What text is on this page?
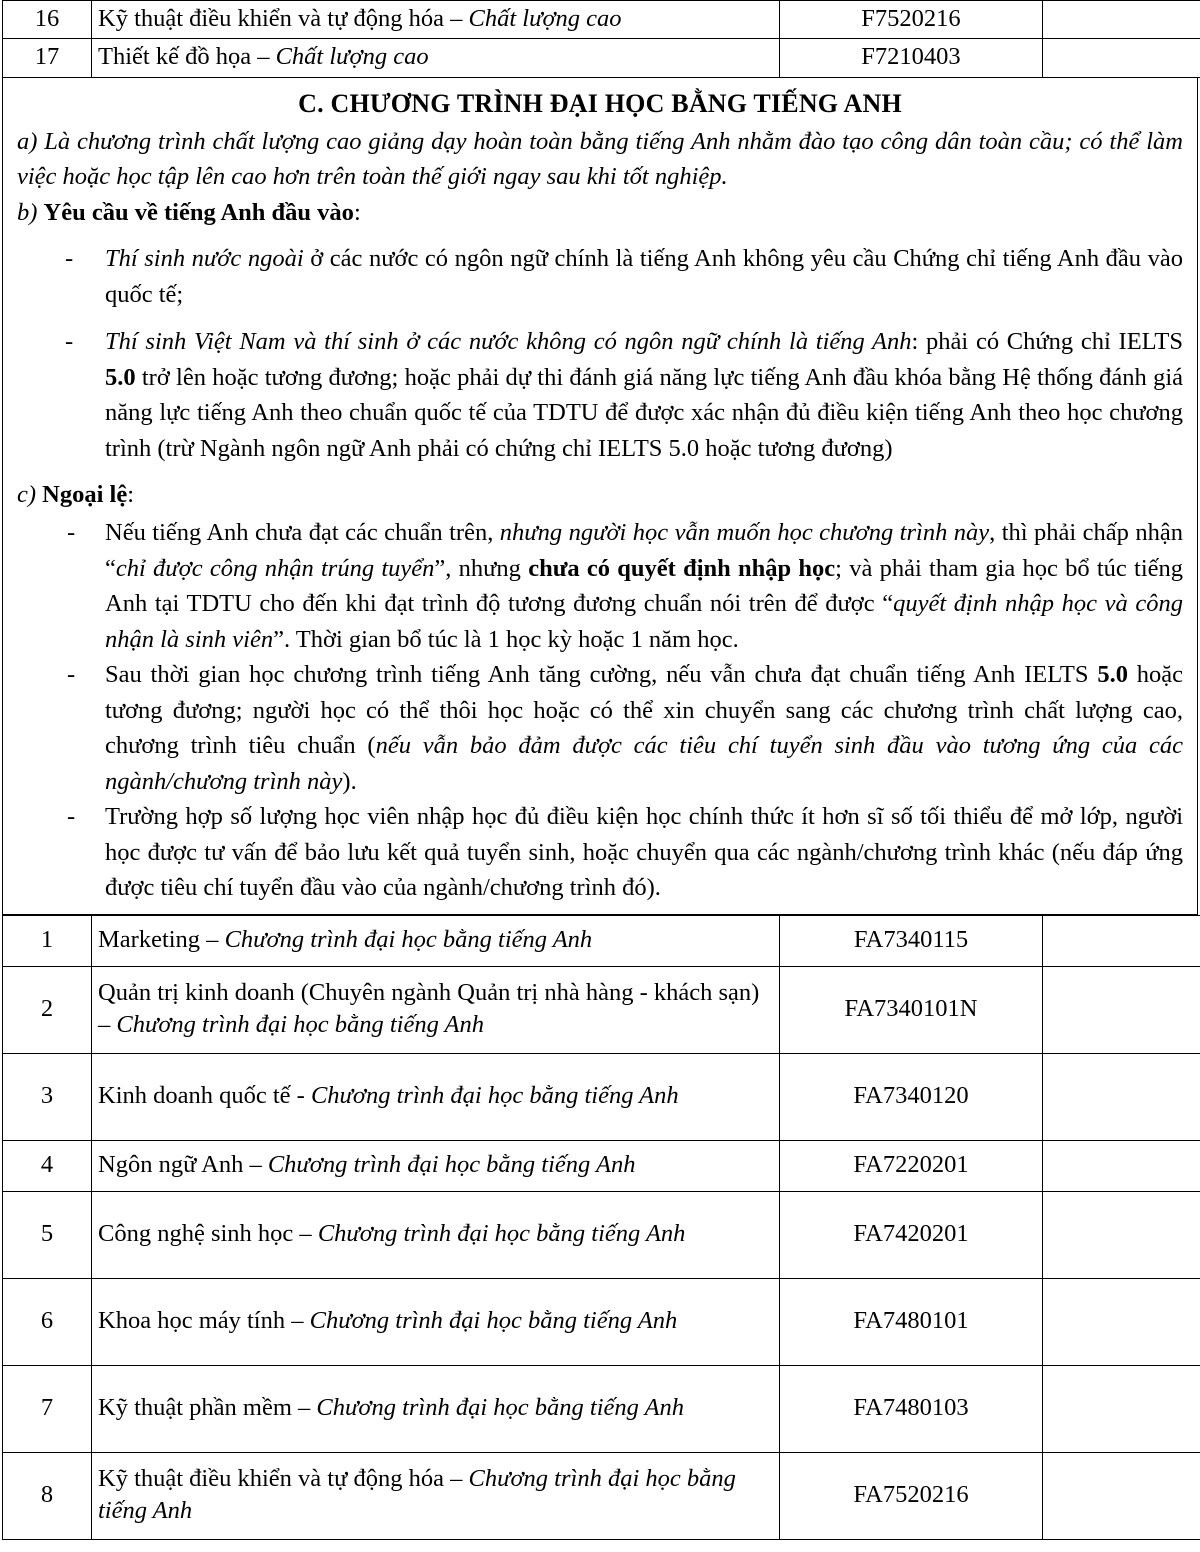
16	Kỹ thuật điều khiển và tự động hóa – Chất lượng cao	F7520216	
17	Thiết kế đồ họa – Chất lượng cao	F7210403	
C. CHƯƠNG TRÌNH ĐẠI HỌC BẰNG TIẾNG ANH

a) Là chương trình chất lượng cao giảng dạy hoàn toàn bằng tiếng Anh nhằm đào tạo công dân toàn cầu; có thể làm việc hoặc học tập lên cao hơn trên toàn thế giới ngay sau khi tốt nghiệp.

b) Yêu cầu về tiếng Anh đầu vào:

- Thí sinh nước ngoài ở các nước có ngôn ngữ chính là tiếng Anh không yêu cầu Chứng chỉ tiếng Anh đầu vào quốc tế;
- Thí sinh Việt Nam và thí sinh ở các nước không có ngôn ngữ chính là tiếng Anh: phải có Chứng chỉ IELTS 5.0 trở lên hoặc tương đương; hoặc phải dự thi đánh giá năng lực tiếng Anh đầu khóa bằng Hệ thống đánh giá năng lực tiếng Anh theo chuẩn quốc tế của TDTU để được xác nhận đủ điều kiện tiếng Anh theo học chương trình (trừ Ngành ngôn ngữ Anh phải có chứng chỉ IELTS 5.0 hoặc tương đương)

c) Ngoại lệ:

- Nếu tiếng Anh chưa đạt các chuẩn trên, nhưng người học vẫn muốn học chương trình này, thì phải chấp nhận “chỉ được công nhận trúng tuyển”, nhưng chưa có quyết định nhập học; và phải tham gia học bổ túc tiếng Anh tại TDTU cho đến khi đạt trình độ tương đương chuẩn nói trên để được “quyết định nhập học và công nhận là sinh viên”. Thời gian bổ túc là 1 học kỳ hoặc 1 năm học.
- Sau thời gian học chương trình tiếng Anh tăng cường, nếu vẫn chưa đạt chuẩn tiếng Anh IELTS 5.0 hoặc tương đương; người học có thể thôi học hoặc có thể xin chuyển sang các chương trình chất lượng cao, chương trình tiêu chuẩn (nếu vẫn bảo đảm được các tiêu chí tuyển sinh đầu vào tương ứng của các ngành/chương trình này).
- Trường hợp số lượng học viên nhập học đủ điều kiện học chính thức ít hơn sĩ số tối thiểu để mở lớp, người học được tư vấn để bảo lưu kết quả tuyển sinh, hoặc chuyển qua các ngành/chương trình khác (nếu đáp ứng được tiêu chí tuyển đầu vào của ngành/chương trình đó).
1	Marketing – Chương trình đại học bằng tiếng Anh	FA7340115	
2	Quản trị kinh doanh (Chuyên ngành Quản trị nhà hàng - khách sạn) – Chương trình đại học bằng tiếng Anh	FA7340101N	
3	Kinh doanh quốc tế - Chương trình đại học bằng tiếng Anh	FA7340120	
4	Ngôn ngữ Anh – Chương trình đại học bằng tiếng Anh	FA7220201	
5	Công nghệ sinh học – Chương trình đại học bằng tiếng Anh	FA7420201	
6	Khoa học máy tính – Chương trình đại học bằng tiếng Anh	FA7480101	
7	Kỹ thuật phần mềm – Chương trình đại học bằng tiếng Anh	FA7480103	
8	Kỹ thuật điều khiển và tự động hóa – Chương trình đại học bằng tiếng Anh	FA7520216	
